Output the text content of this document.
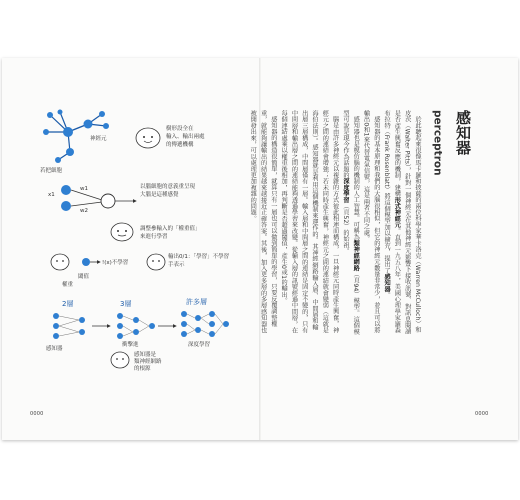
神經元
若把細胞
樹形設全在
輸入、輸出兩處
的傳遞機構
w1
w2
x1
以腦細胞的意義重呈現
大腦是這種感覺
調整參輸入的「權重值」
來進行學習
閾值
!(x)不學習
輸出0/1：「學習」不學習
手表示
權重
2層	3層	許多層
感知器
衝擊進	深度學習
感知器是
類神經網路
的根源
0000
感知器
perceptron

於此聽起來很像馬卡羅和披薩的兩位科學家華卡洛克（Warren McCulloch）和皮茨（Walter Pitts），針對一個神經元在其他神經元影響下接收訊號、對訊息閱讀是否產生興奮反應的機制，建構形式神經元。直到一九五八年，美國心理學家羅森布拉特（Frank Rosenblatt）將這個模型加以擴充，提出了感知器。

感知器的基本原理和我們的大腦很相似，但它的神經元數量非常少，並且可以將輸出0和1來代替電氣信號，這是兩者不同之處。

感知器也是模仿腦的機制的人工智慧。可稱為類神經網路（頁94）模型。這個模型可說是現今作為話題的深度學習（頁52）的始祖。

腦是由許多神經元以複雜的方式彼此相連而構成，一旦神經元同時產生興奮，神經元之間的連結會增強；若未同時產生興奮，神經元之間的連結就會變弱（這就是海伯法則）。感知器就是利用這個機制來運作的。其神經網路輸入層、中間層和輸出層三層構成，中間層僅有一層。輸入層和中間層之間的連結是固定不變的，只有中間層和輸出層之間的連結能夠透過學習來改變。從輸入層的訊號經過中間層，在每個連結處乘以權重後相加，再判斷是否超過閾值，產生0或1的輸出。

感知器的構造很簡單，就算只有一層也可以做到簡單的學習，只要反覆調整權重，就能夠讓輸出的結果越來越接近正確答案。其後，加入更多層的多層感知器也被開發出來，可以處理更加複雜的問題。

0000
